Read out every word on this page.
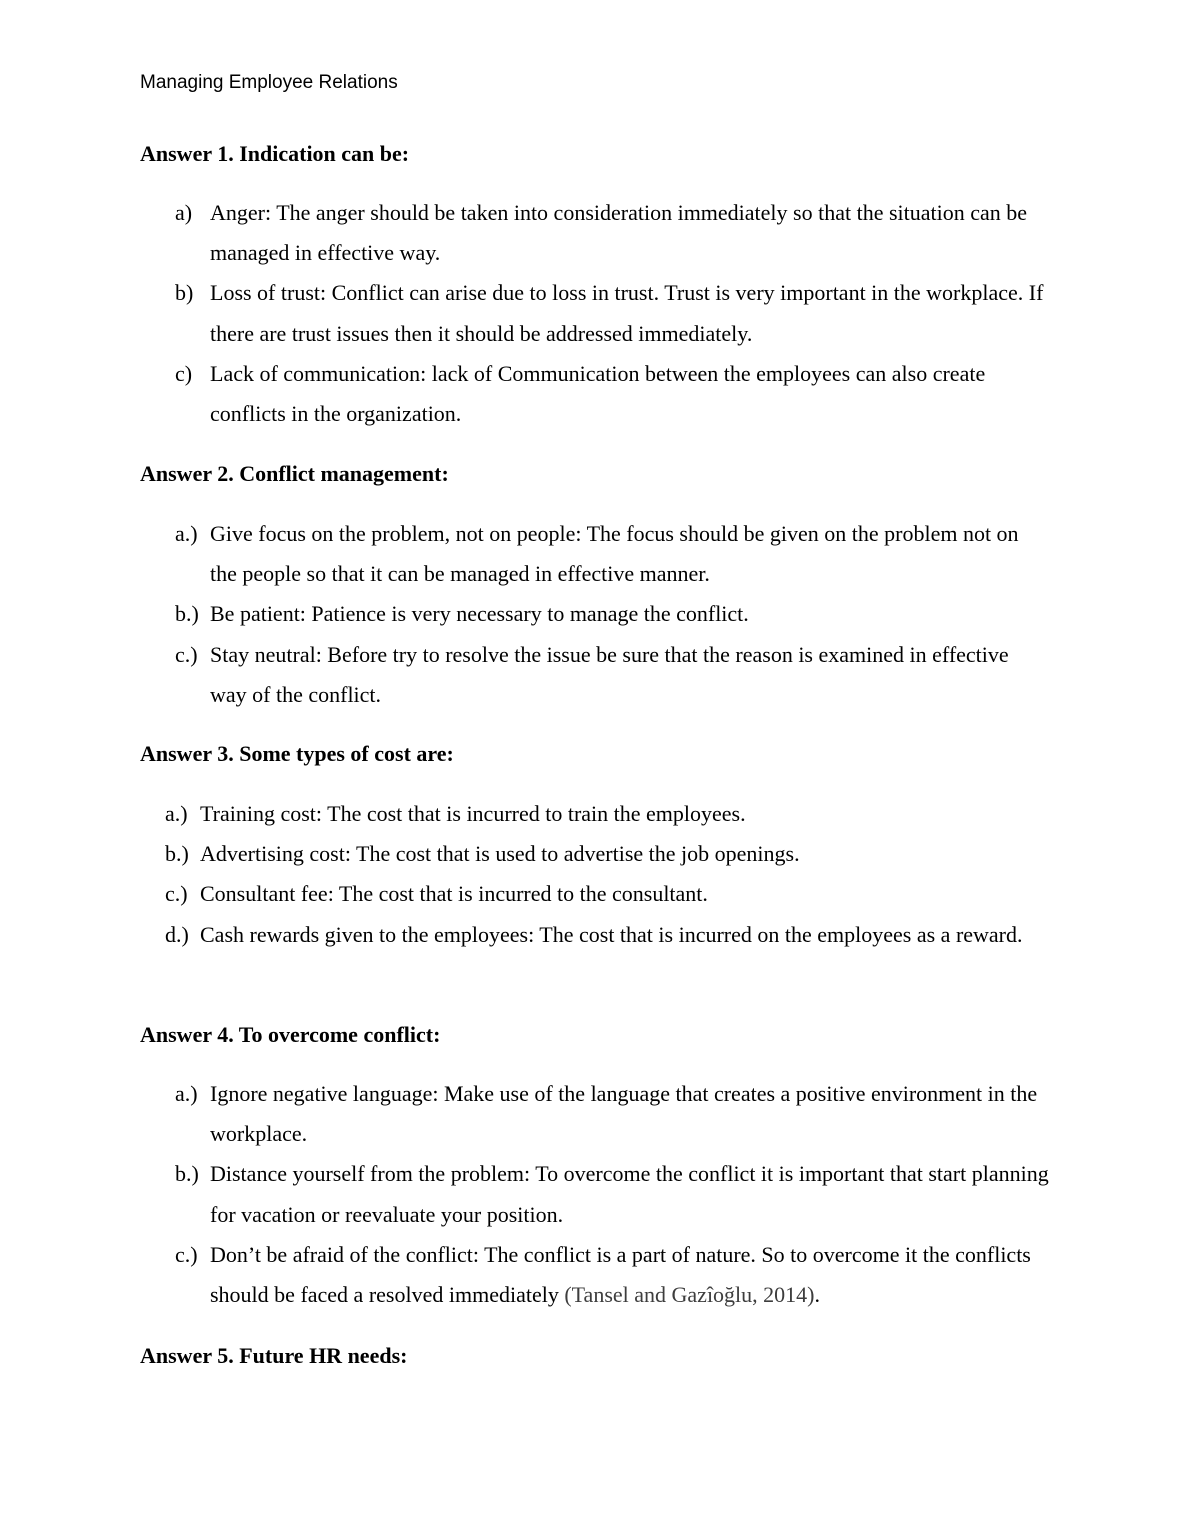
Managing Employee Relations
Answer 1. Indication can be:
a) Anger: The anger should be taken into consideration immediately so that the situation can be managed in effective way.
b) Loss of trust: Conflict can arise due to loss in trust. Trust is very important in the workplace. If there are trust issues then it should be addressed immediately.
c) Lack of communication: lack of Communication between the employees can also create conflicts in the organization.
Answer 2. Conflict management:
a.) Give focus on the problem, not on people: The focus should be given on the problem not on the people so that it can be managed in effective manner.
b.) Be patient: Patience is very necessary to manage the conflict.
c.) Stay neutral: Before try to resolve the issue be sure that the reason is examined in effective way of the conflict.
Answer 3. Some types of cost are:
a.) Training cost: The cost that is incurred to train the employees.
b.) Advertising cost: The cost that is used to advertise the job openings.
c.) Consultant fee: The cost that is incurred to the consultant.
d.) Cash rewards given to the employees: The cost that is incurred on the employees as a reward.
Answer 4. To overcome conflict:
a.) Ignore negative language: Make use of the language that creates a positive environment in the workplace.
b.) Distance yourself from the problem: To overcome the conflict it is important that start planning for vacation or reevaluate your position.
c.) Don’t be afraid of the conflict: The conflict is a part of nature. So to overcome it the conflicts should be faced a resolved immediately (Tansel and Gazîoğlu, 2014).
Answer 5. Future HR needs:
